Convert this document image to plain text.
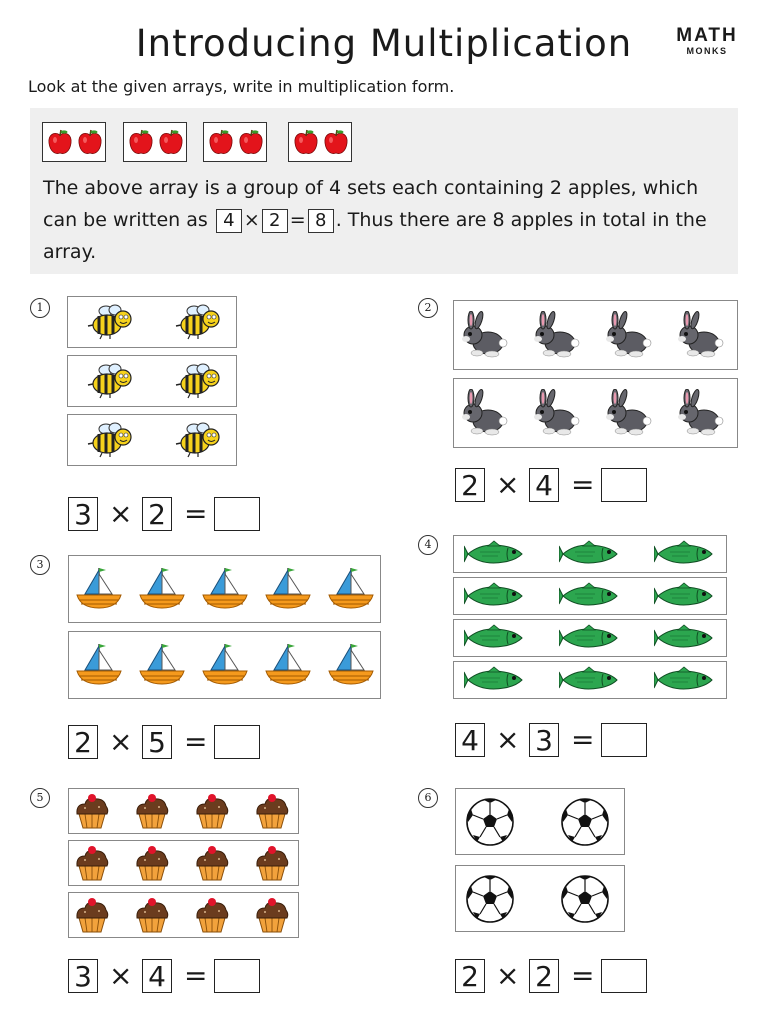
Introducing Multiplication	MATH
MONKS
Look at the given arrays, write in multiplication form.
The above array is a group of 4 sets each containing 2 apples, which can be written as 4 × 2 = 8 . Thus there are 8 apples in total in the array.
1
3 × 2 =
2
2 × 4 =
3
2 × 5 =
4
4 × 3 =
5
3 × 4 =
6
2 × 2 =
